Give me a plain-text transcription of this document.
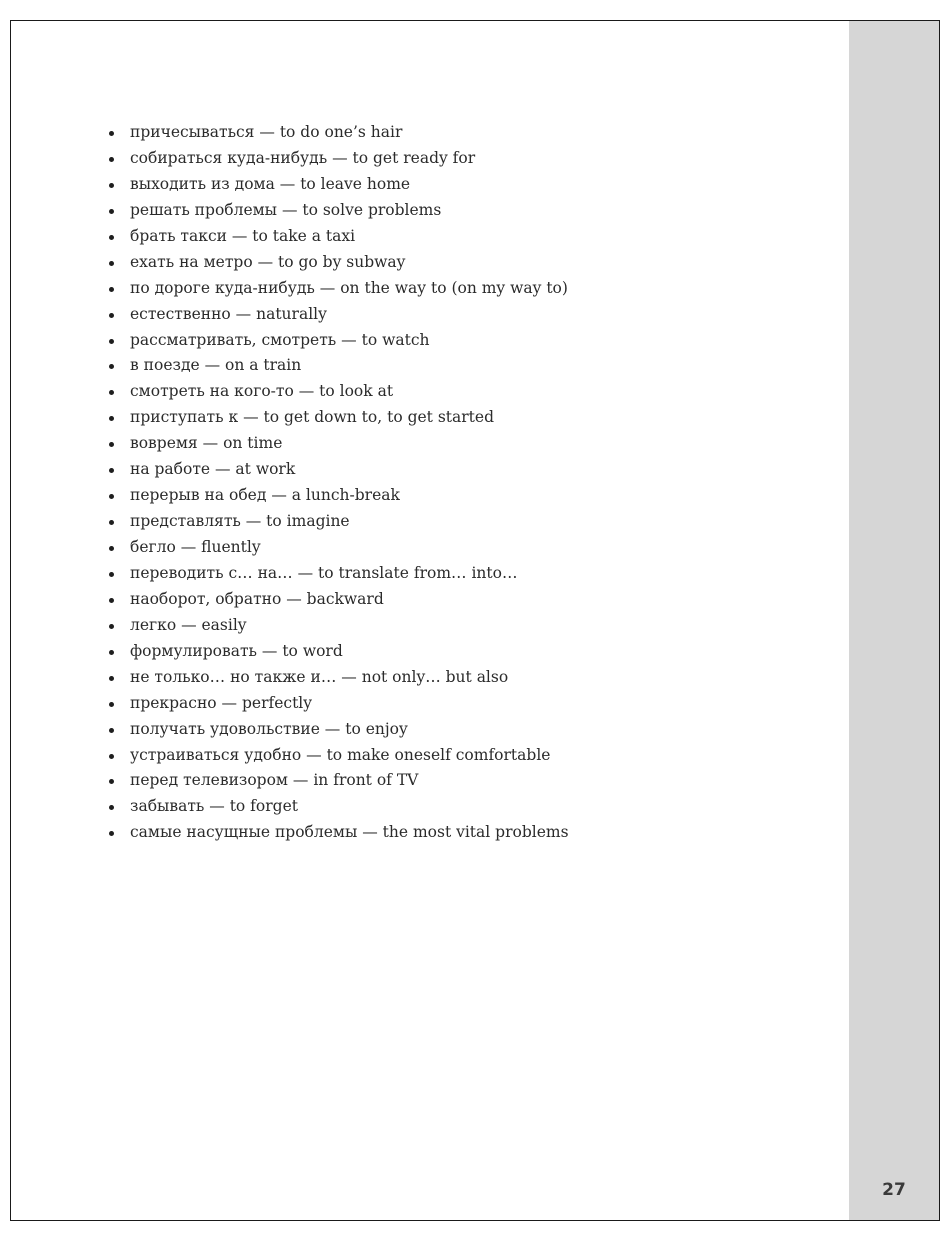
причесываться — to do one’s hair
собираться куда-нибудь — to get ready for
выходить из дома — to leave home
решать проблемы — to solve problems
брать такси — to take a taxi
ехать на метро — to go by subway
по дороге куда-нибудь — on the way to (on my way to)
естественно — naturally
рассматривать, смотреть — to watch
в поезде — on a train
смотреть на кого-то — to look at
приступать к — to get down to, to get started
вовремя — on time
на работе — at work
перерыв на обед — a lunch-break
представлять — to imagine
бегло — fluently
переводить с… на… — to translate from… into…
наоборот, обратно — backward
легко — easily
формулировать — to word
не только… но также и… — not only… but also
прекрасно — perfectly
получать удовольствие — to enjoy
устраиваться удобно — to make oneself comfortable
перед телевизором — in front of TV
забывать — to forget
самые насущные проблемы — the most vital problems
27
